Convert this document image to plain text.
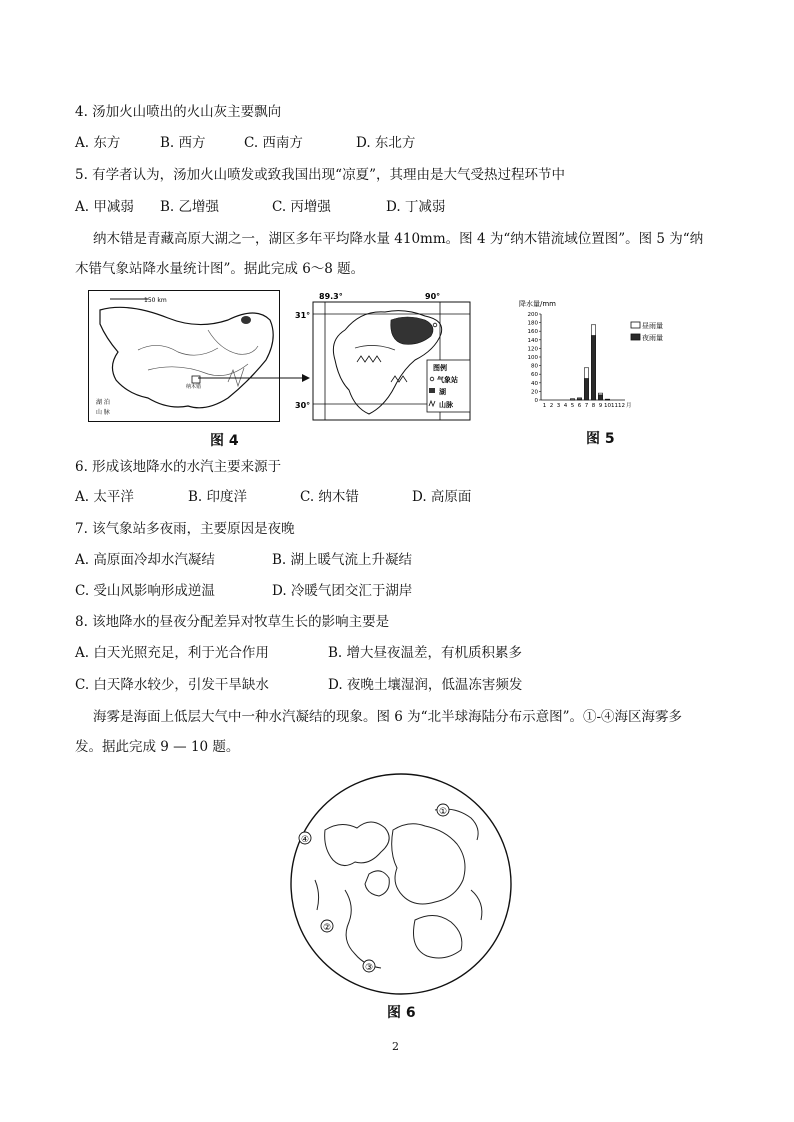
4. 汤加火山喷出的火山灰主要飘向
A. 东方	B. 西方	C. 西南方	D. 东北方
5. 有学者认为，汤加火山喷发或致我国出现“凉夏”，其理由是大气受热过程环节中
A. 甲减弱 B. 乙增强	C. 丙增强	D. 丁减弱
纳木错是青藏高原大湖之一，湖区多年平均降水量 410mm。图 4 为“纳木错流域位置图”。图 5 为“纳
木错气象站降水量统计图”。据此完成 6～8 题。
150 km
纳木错
湖 泊
山 脉
89.3°	90°
31°
30°
图例
气象站
湖
山脉
图 4
降水量/mm
0
20
40
60
80
100
120
140
160
180
200
1 2 3 4 5 6 7 8 9 10 11 12 月
昼雨量
夜雨量
图 5
6. 形成该地降水的水汽主要来源于
A. 太平洋	B. 印度洋	C. 纳木错	D. 高原面
7. 该气象站多夜雨，主要原因是夜晚
A. 高原面冷却水汽凝结	B. 湖上暖气流上升凝结
C. 受山风影响形成逆温	D. 冷暖气团交汇于湖岸
8. 该地降水的昼夜分配差异对牧草生长的影响主要是
A. 白天光照充足，利于光合作用	B. 增大昼夜温差，有机质积累多
C. 白天降水较少，引发干旱缺水	D. 夜晚土壤湿润，低温冻害频发
海雾是海面上低层大气中一种水汽凝结的现象。图 6 为“北半球海陆分布示意图”。①-④海区海雾多
发。据此完成 9 — 10 题。
①
②
③
④
图 6
2
